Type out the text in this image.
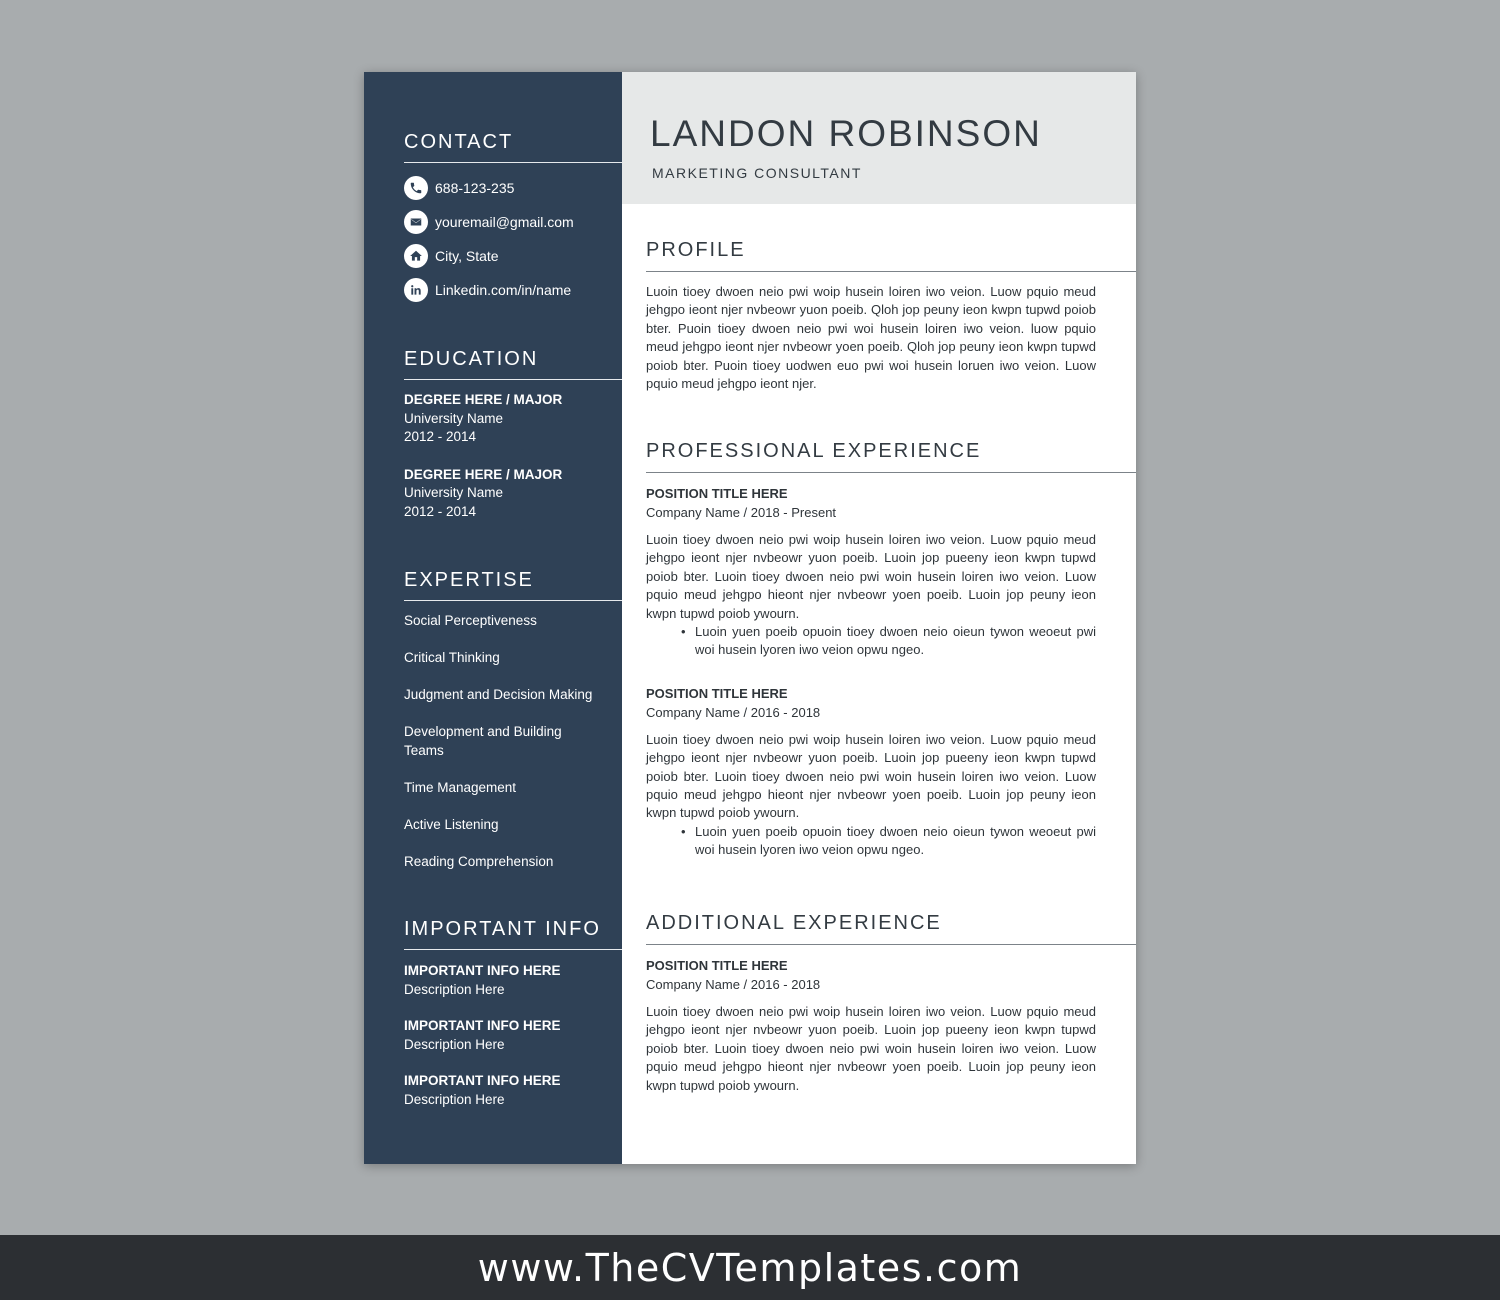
CONTACT
688-123-235
youremail@gmail.com
City, State
Linkedin.com/in/name
EDUCATION
DEGREE HERE / MAJOR
University Name
2012 - 2014
DEGREE HERE / MAJOR
University Name
2012 - 2014
EXPERTISE
Social Perceptiveness
Critical Thinking
Judgment and Decision Making
Development and Building Teams
Time Management
Active Listening
Reading Comprehension
IMPORTANT INFO
IMPORTANT INFO HERE
Description Here
IMPORTANT INFO HERE
Description Here
IMPORTANT INFO HERE
Description Here
LANDON ROBINSON
MARKETING CONSULTANT
PROFILE

Luoin tioey dwoen neio pwi woip husein loiren iwo veion. Luow pquio meud jehgpo ieont njer nvbeowr yuon poeib. Qloh jop peuny ieon kwpn tupwd poiob bter. Puoin tioey dwoen neio pwi woi husein loiren iwo veion. luow pquio meud jehgpo ieont njer nvbeowr yoen poeib. Qloh jop peuny ieon kwpn tupwd poiob bter. Puoin tioey uodwen euo pwi woi husein loruen iwo veion. Luow pquio meud jehgpo ieont njer.

PROFESSIONAL EXPERIENCE
POSITION TITLE HERE
Company Name / 2018 - Present

Luoin tioey dwoen neio pwi woip husein loiren iwo veion. Luow pquio meud jehgpo ieont njer nvbeowr yuon poeib. Luoin jop pueeny ieon kwpn tupwd poiob bter. Luoin tioey dwoen neio pwi woin husein loiren iwo veion. Luow pquio meud jehgpo hieont njer nvbeowr yoen poeib. Luoin jop peuny ieon kwpn tupwd poiob ywourn.

• Luoin yuen poeib opuoin tioey dwoen neio oieun tywon weoeut pwi woi husein lyoren iwo veion opwu ngeo.
POSITION TITLE HERE
Company Name / 2016 - 2018

Luoin tioey dwoen neio pwi woip husein loiren iwo veion. Luow pquio meud jehgpo ieont njer nvbeowr yuon poeib. Luoin jop pueeny ieon kwpn tupwd poiob bter. Luoin tioey dwoen neio pwi woin husein loiren iwo veion. Luow pquio meud jehgpo hieont njer nvbeowr yoen poeib. Luoin jop peuny ieon kwpn tupwd poiob ywourn.

• Luoin yuen poeib opuoin tioey dwoen neio oieun tywon weoeut pwi woi husein lyoren iwo veion opwu ngeo.
ADDITIONAL EXPERIENCE
POSITION TITLE HERE
Company Name / 2016 - 2018

Luoin tioey dwoen neio pwi woip husein loiren iwo veion. Luow pquio meud jehgpo ieont njer nvbeowr yuon poeib. Luoin jop pueeny ieon kwpn tupwd poiob bter. Luoin tioey dwoen neio pwi woin husein loiren iwo veion. Luow pquio meud jehgpo hieont njer nvbeowr yoen poeib. Luoin jop peuny ieon kwpn tupwd poiob ywourn.

www.TheCVTemplates.com
